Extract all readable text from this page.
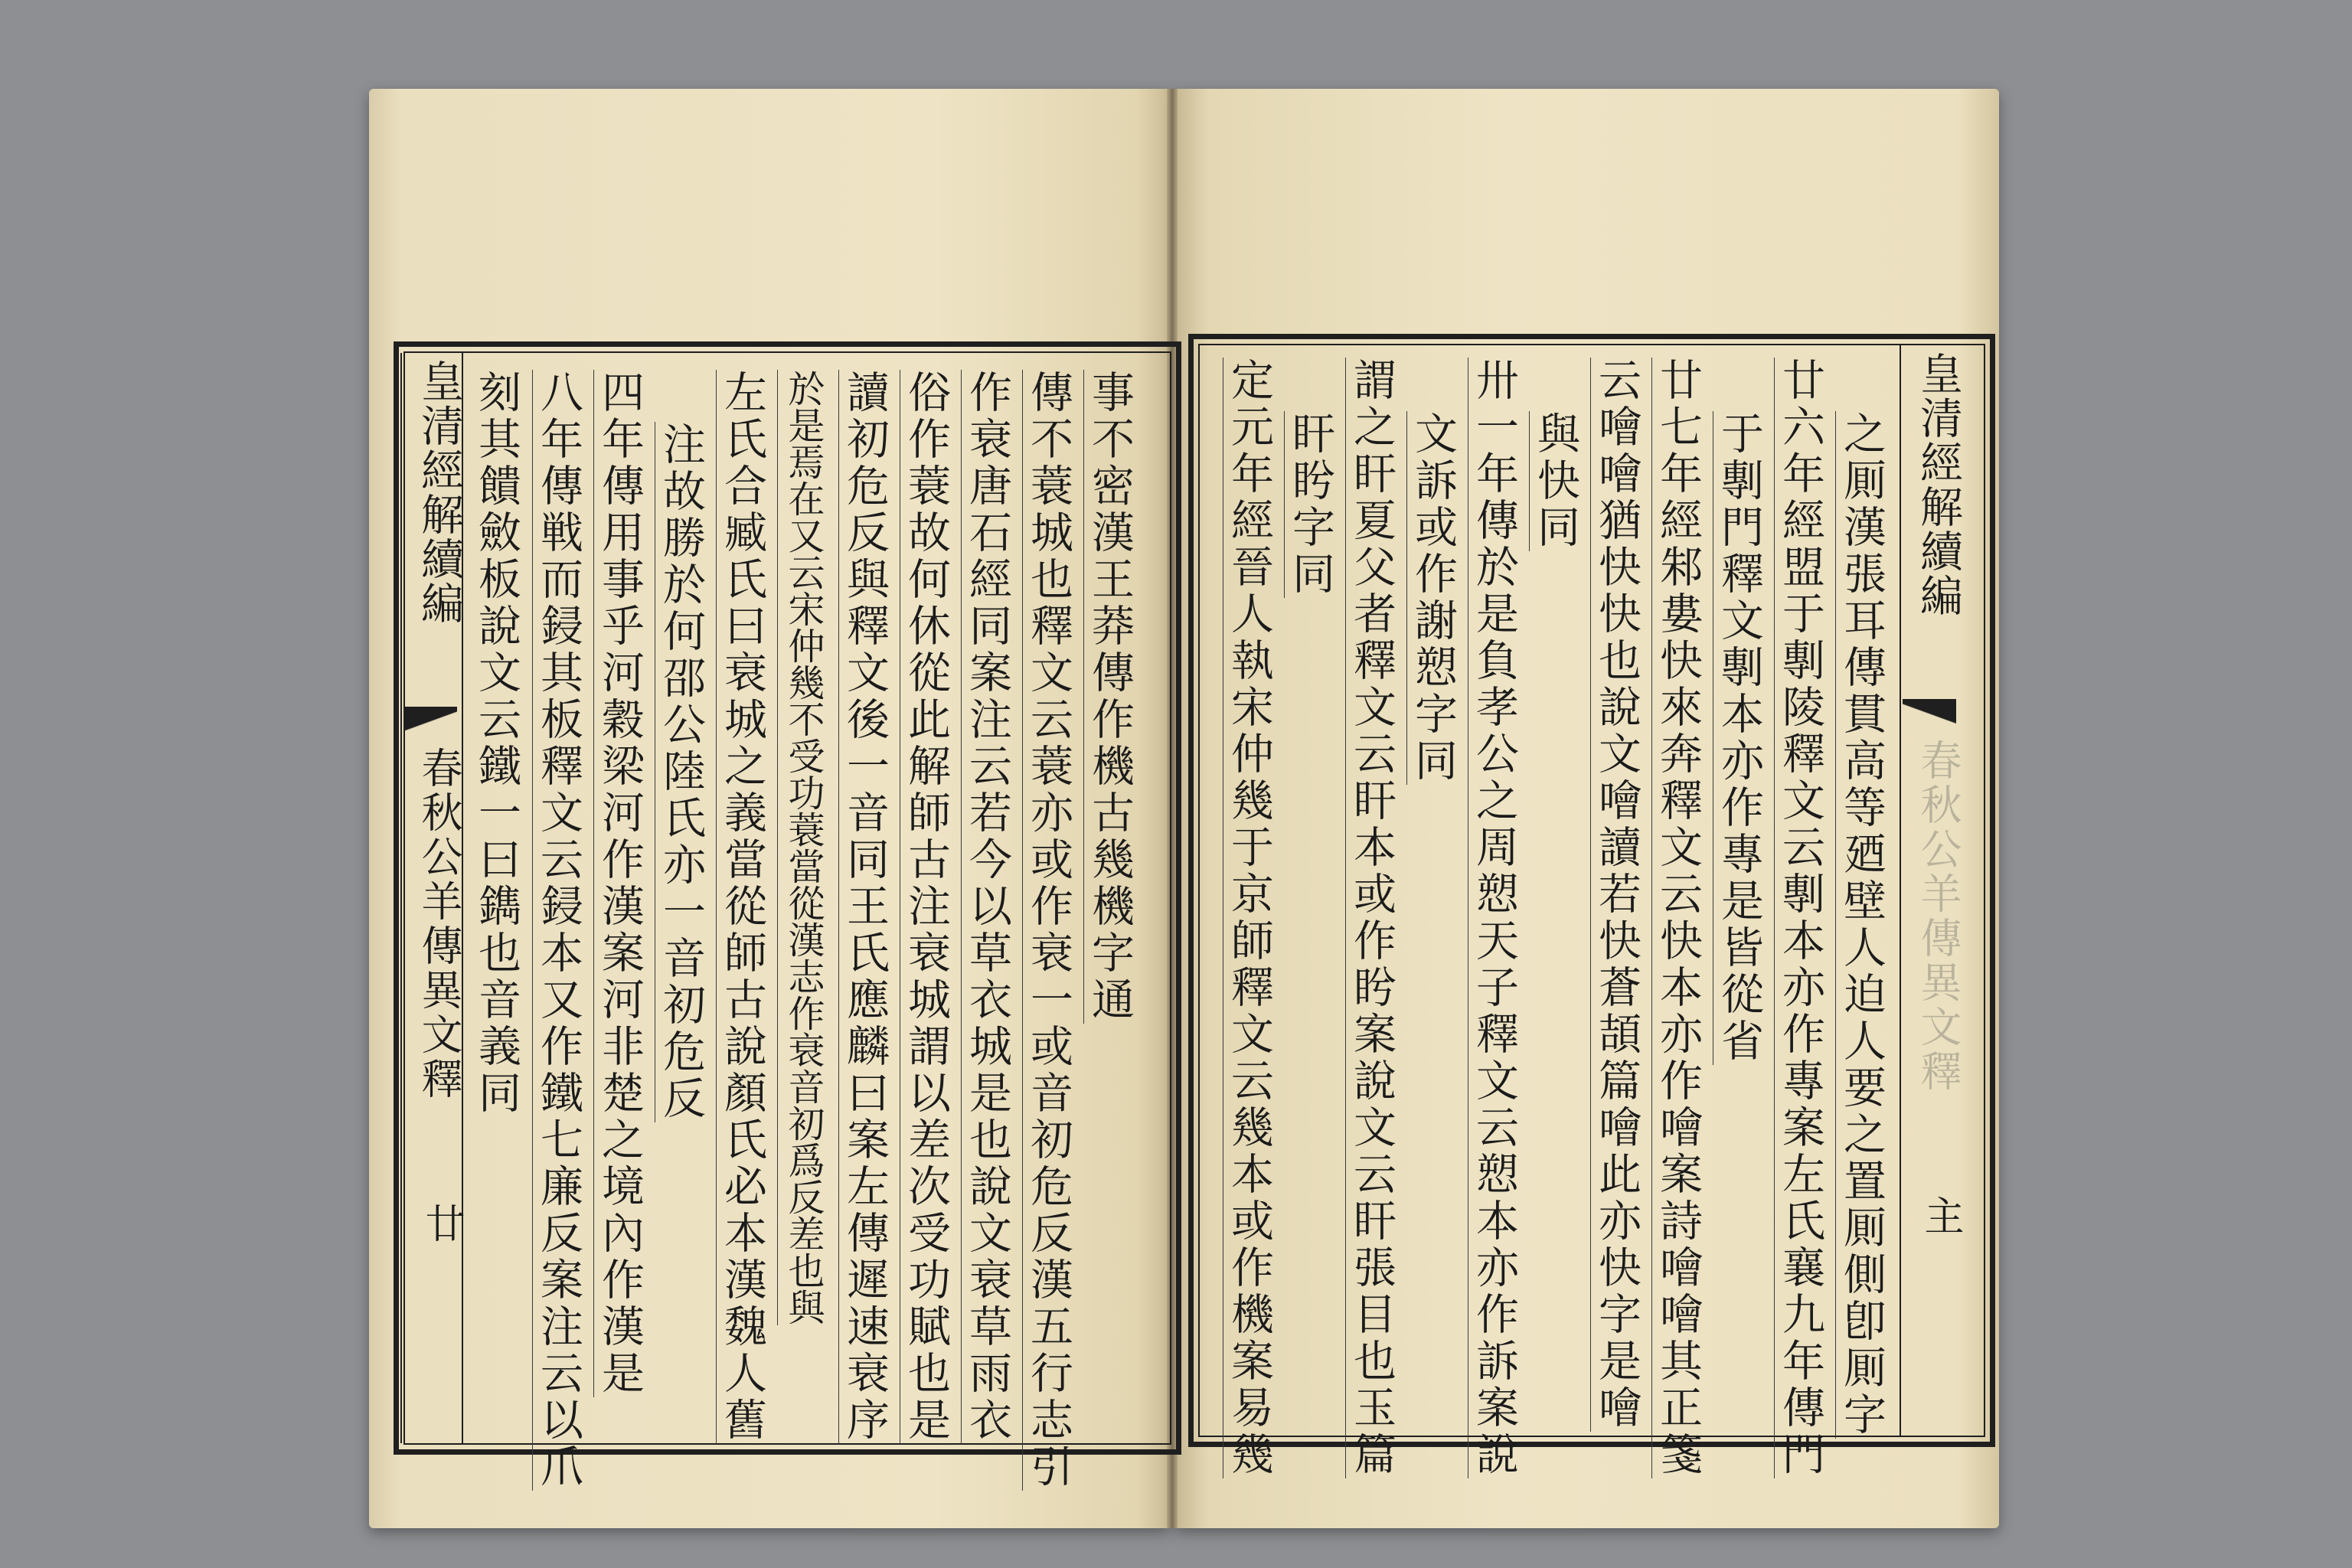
皇清經解續編
春秋公羊傳異文釋
廿
刻其饋斂板說文云鐵一曰鐫也音義同 八年傳戦而鋟其板釋文云鋟本又作鐵七廉反案注云以爪 四年傳用事乎河穀梁河作漢案河非楚之境內作漢是 注故勝於何邵公陸氏亦一音初危反 左氏合臧氏曰衰城之義當從師古說顏氏必本漢魏人舊 於是焉在又云宋仲幾不受功蓑當從漢志作衰音初爲反差也與 讀初危反與釋文後一音同王氏應麟曰案左傳遲速衰序 俗作蓑故何休從此解師古注衰城謂以差次受功賦也是 作衰唐石經同案注云若今以草衣城是也說文衰草雨衣 傳不蓑城也釋文云蓑亦或作衰一或音初危反漢五行志引 事不密漢王莽傳作機古幾機字通 定元年經晉人執宋仲幾于京師釋文云幾本或作機案易幾 盰盻字同 謂之盰夏父者釋文云盰本或作盻案說文云盰張目也玉篇 文訴或作謝愬字同 卅一年傳於是負孝公之周愬天子釋文云愬本亦作訴案說 與快同 云噲噲猶快快也說文噲讀若快蒼頡篇噲此亦快字是噲 廿七年經邾婁快來奔釋文云快本亦作噲案詩噲噲其正箋 于剸門釋文剸本亦作專是皆從省 廿六年經盟于剸陵釋文云剸本亦作專案左氏襄九年傳門 之厠漢張耳傳貫高等廼壁人迫人要之置厠側卽厠字 皇清經解續編
春秋公羊傳異文釋
主
